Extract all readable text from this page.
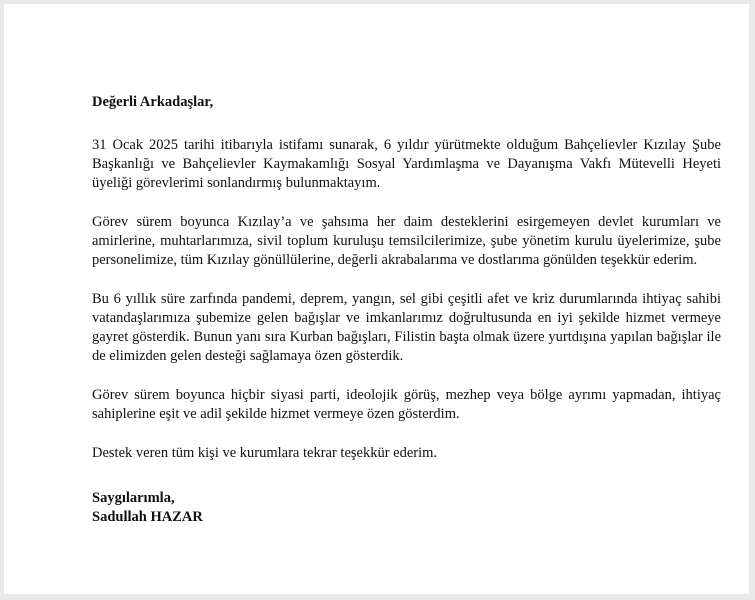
Değerli Arkadaşlar,

31 Ocak 2025 tarihi itibarıyla istifamı sunarak, 6 yıldır yürütmekte olduğum Bahçelievler Kızılay Şube Başkanlığı ve Bahçelievler Kaymakamlığı Sosyal Yardımlaşma ve Dayanışma Vakfı Mütevelli Heyeti üyeliği görevlerimi sonlandırmış bulunmaktayım.

Görev sürem boyunca Kızılay’a ve şahsıma her daim desteklerini esirgemeyen devlet kurumları ve amirlerine, muhtarlarımıza, sivil toplum kuruluşu temsilcilerimize, şube yönetim kurulu üyelerimize, şube personelimize, tüm Kızılay gönüllülerine, değerli akrabalarıma ve dostlarıma gönülden teşekkür ederim.

Bu 6 yıllık süre zarfında pandemi, deprem, yangın, sel gibi çeşitli afet ve kriz durumlarında ihtiyaç sahibi vatandaşlarımıza şubemize gelen bağışlar ve imkanlarımız doğrultusunda en iyi şekilde hizmet vermeye gayret gösterdik. Bunun yanı sıra Kurban bağışları, Filistin başta olmak üzere yurtdışına yapılan bağışlar ile de elimizden gelen desteği sağlamaya özen gösterdik.

Görev sürem boyunca hiçbir siyasi parti, ideolojik görüş, mezhep veya bölge ayrımı yapmadan, ihtiyaç sahiplerine eşit ve adil şekilde hizmet vermeye özen gösterdim.

Destek veren tüm kişi ve kurumlara tekrar teşekkür ederim.

Saygılarımla,
Sadullah HAZAR
